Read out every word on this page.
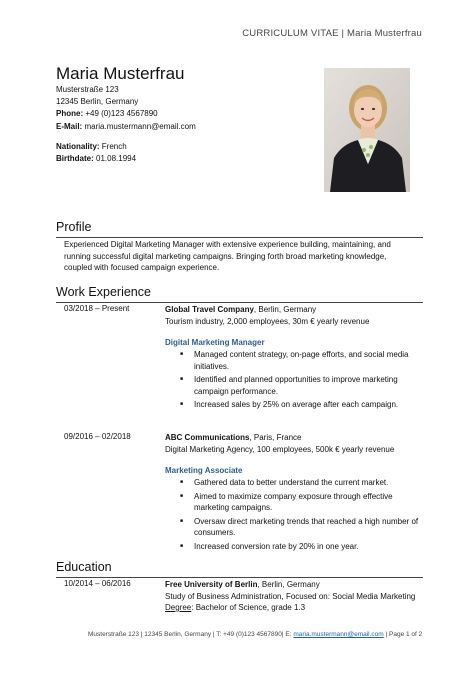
CURRICULUM VITAE | Maria Musterfrau
Maria Musterfrau
Musterstraße 123
12345 Berlin, Germany
Phone: +49 (0)123 4567890
E-Mail: maria.mustermann@email.com
Nationality: French
Birthdate: 01.08.1994
Profile
Experienced Digital Marketing Manager with extensive experience building, maintaining, and running successful digital marketing campaigns. Bringing forth broad marketing knowledge, coupled with focused campaign experience.
Work Experience
03/2018 – Present	Global Travel Company, Berlin, Germany
Tourism industry, 2,000 employees, 30m € yearly revenue
Digital Marketing Manager
■ Managed content strategy, on-page efforts, and social media initiatives.
■ Identified and planned opportunities to improve marketing campaign performance.
■ Increased sales by 25% on average after each campaign.
09/2016 – 02/2018	ABC Communications, Paris, France
Digital Marketing Agency, 100 employees, 500k € yearly revenue
Marketing Associate
■ Gathered data to better understand the current market.
■ Aimed to maximize company exposure through effective marketing campaigns.
■ Oversaw direct marketing trends that reached a high number of consumers.
■ Increased conversion rate by 20% in one year.
Education
10/2014 – 06/2016	Free University of Berlin, Berlin, Germany
Study of Business Administration, Focused on: Social Media Marketing
Degree: Bachelor of Science, grade 1.3
Musterstraße 123 | 12345 Berlin, Germany | T: +49 (0)123 4567890| E: maria.mustermann@email.com | Page 1 of 2
